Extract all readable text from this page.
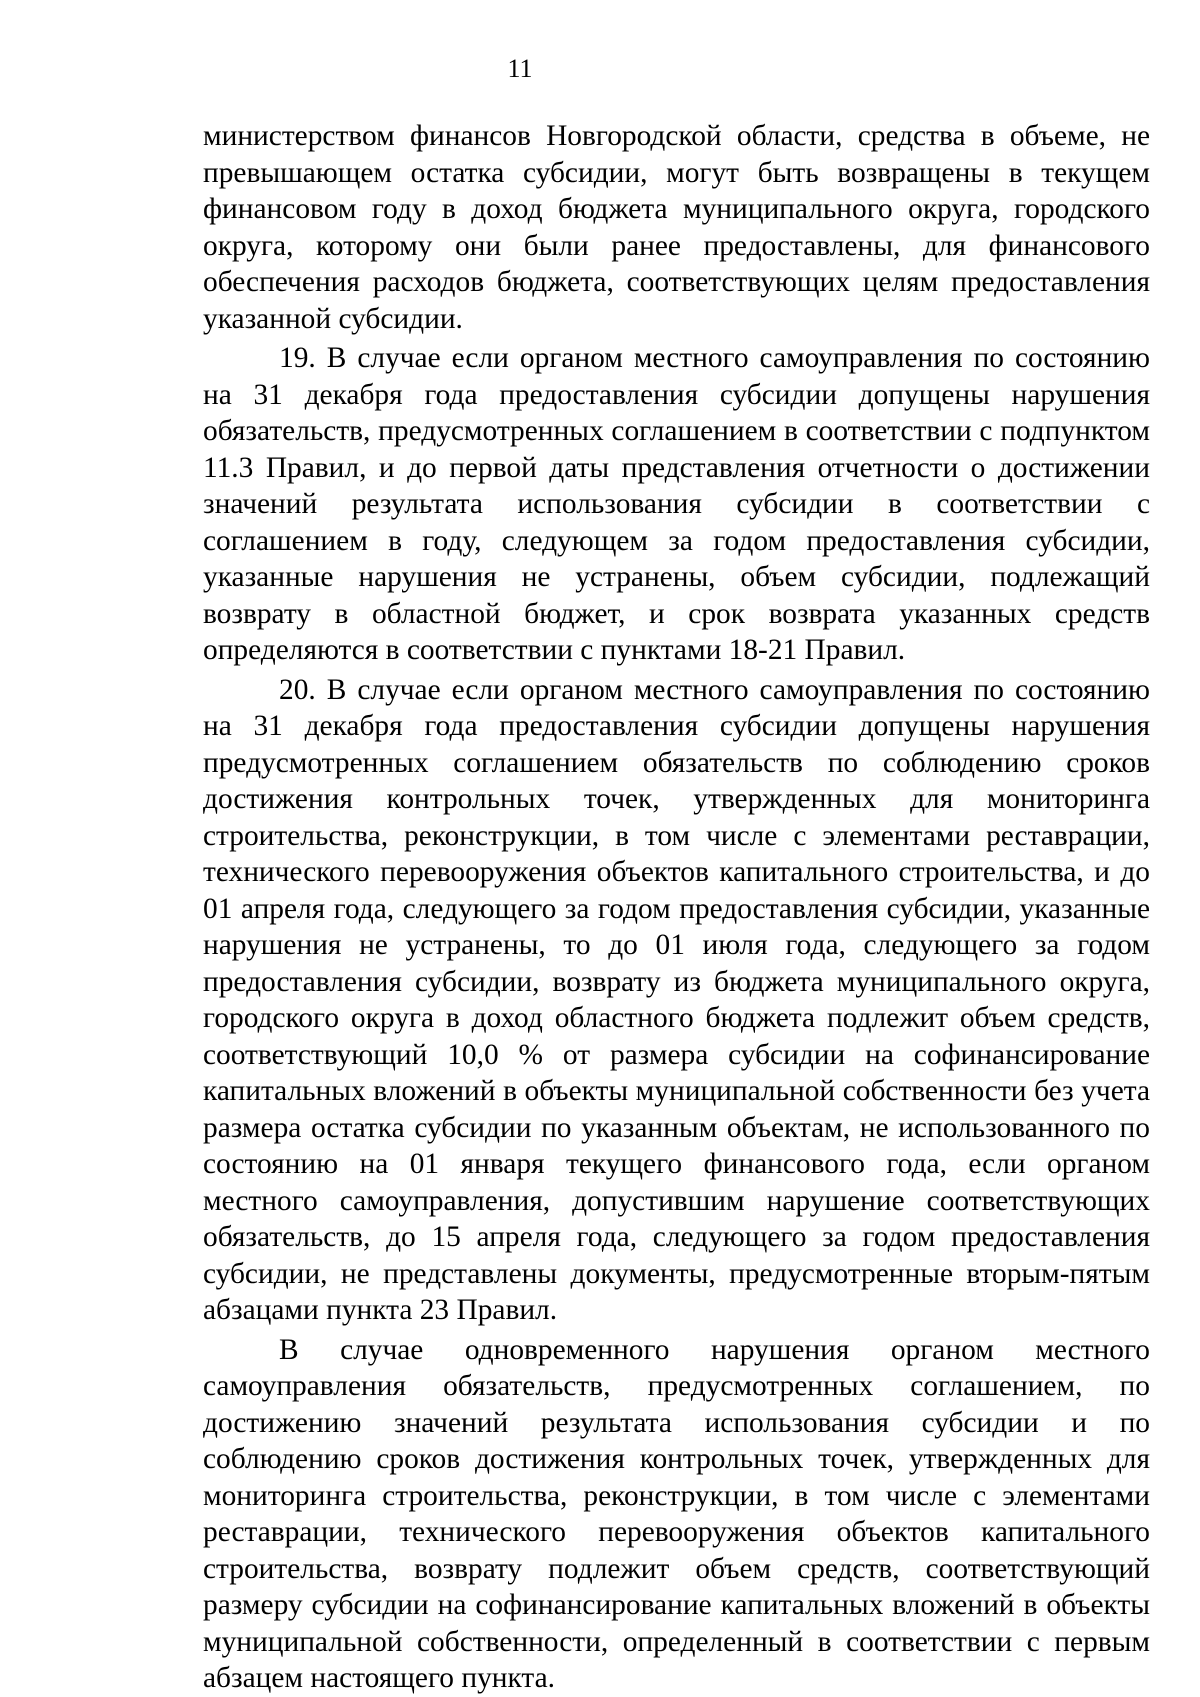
11

министерством финансов Новгородской области, средства в объеме, не превышающем остатка субсидии, могут быть возвращены в текущем финансовом году в доход бюджета муниципального округа, городского округа, которому они были ранее предоставлены, для финансового обеспечения расходов бюджета, соответствующих целям предоставления указанной субсидии.

19. В случае если органом местного самоуправления по состоянию на 31 декабря года предоставления субсидии допущены нарушения обязательств, предусмотренных соглашением в соответствии с подпунктом 11.3 Правил, и до первой даты представления отчетности о достижении значений результата использования субсидии в соответствии с соглашением в году, следующем за годом предоставления субсидии, указанные нарушения не устранены, объем субсидии, подлежащий возврату в областной бюджет, и срок возврата указанных средств определяются в соответствии с пунктами 18-21 Правил.

20. В случае если органом местного самоуправления по состоянию на 31 декабря года предоставления субсидии допущены нарушения предусмотренных соглашением обязательств по соблюдению сроков достижения контрольных точек, утвержденных для мониторинга строительства, реконструкции, в том числе с элементами реставрации, технического перевооружения объектов капитального строительства, и до 01 апреля года, следующего за годом предоставления субсидии, указанные нарушения не устранены, то до 01 июля года, следующего за годом предоставления субсидии, возврату из бюджета муниципального округа, городского округа в доход областного бюджета подлежит объем средств, соответствующий 10,0 % от размера субсидии на софинансирование капитальных вложений в объекты муниципальной собственности без учета размера остатка субсидии по указанным объектам, не использованного по состоянию на 01 января текущего финансового года, если органом местного самоуправления, допустившим нарушение соответствующих обязательств, до 15 апреля года, следующего за годом предоставления субсидии, не представлены документы, предусмотренные вторым-пятым абзацами пункта 23 Правил.

В случае одновременного нарушения органом местного самоуправления обязательств, предусмотренных соглашением, по достижению значений результата использования субсидии и по соблюдению сроков достижения контрольных точек, утвержденных для мониторинга строительства, реконструкции, в том числе с элементами реставрации, технического перевооружения объектов капитального строительства, возврату подлежит объем средств, соответствующий размеру субсидии на софинансирование капитальных вложений в объекты муниципальной собственности, определенный в соответствии с первым абзацем настоящего пункта.
